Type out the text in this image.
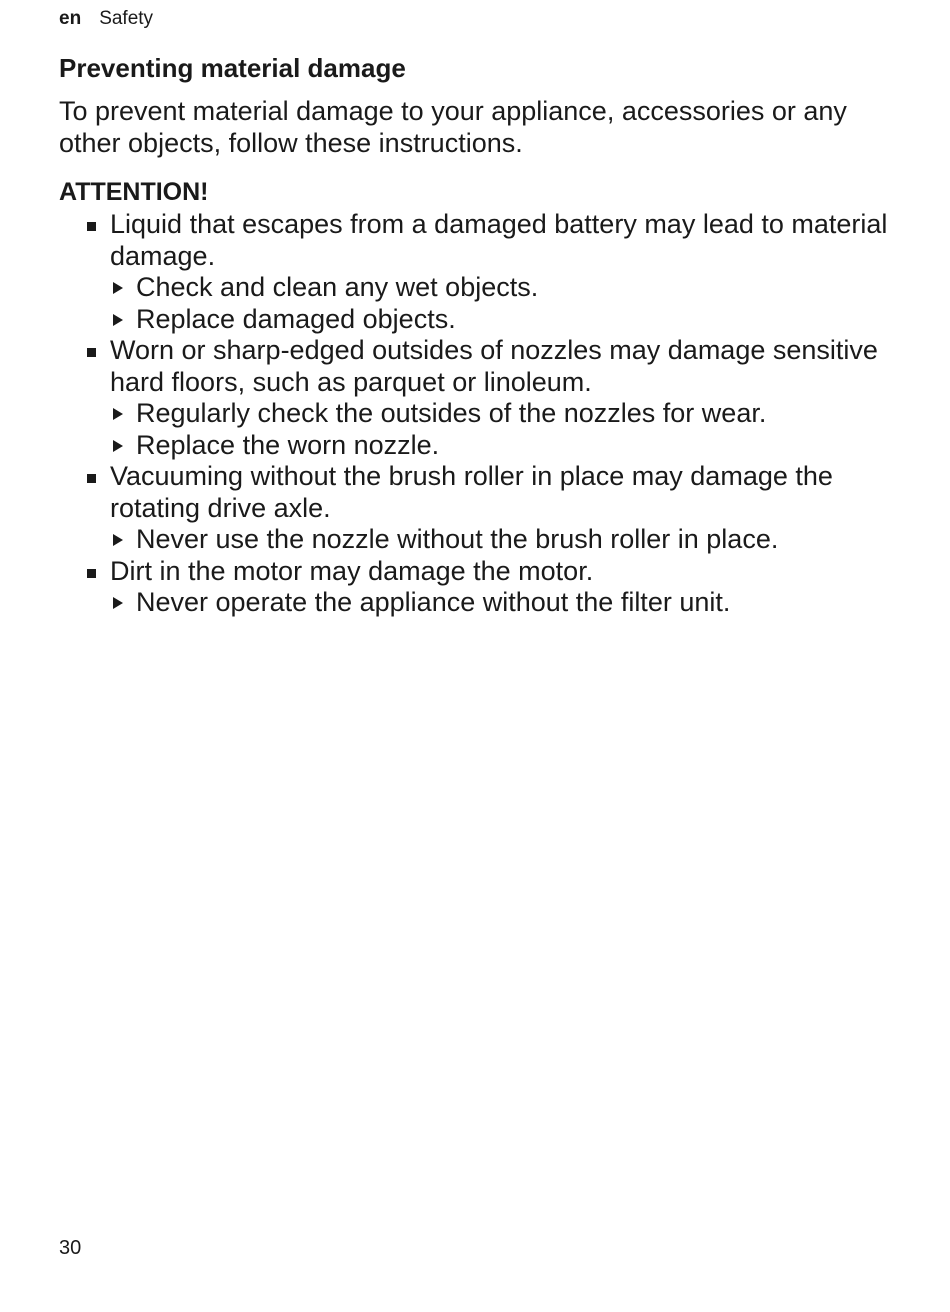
en Safety
Preventing material damage

To prevent material damage to your appliance, accessories or any other objects, follow these instructions.

ATTENTION!
Liquid that escapes from a damaged battery may lead to material damage.
Check and clean any wet objects.
Replace damaged objects.
Worn or sharp-edged outsides of nozzles may damage sensitive hard floors, such as parquet or linoleum.
Regularly check the outsides of the nozzles for wear.
Replace the worn nozzle.
Vacuuming without the brush roller in place may damage the rotating drive axle.
Never use the nozzle without the brush roller in place.
Dirt in the motor may damage the motor.
Never operate the appliance without the filter unit.
30
